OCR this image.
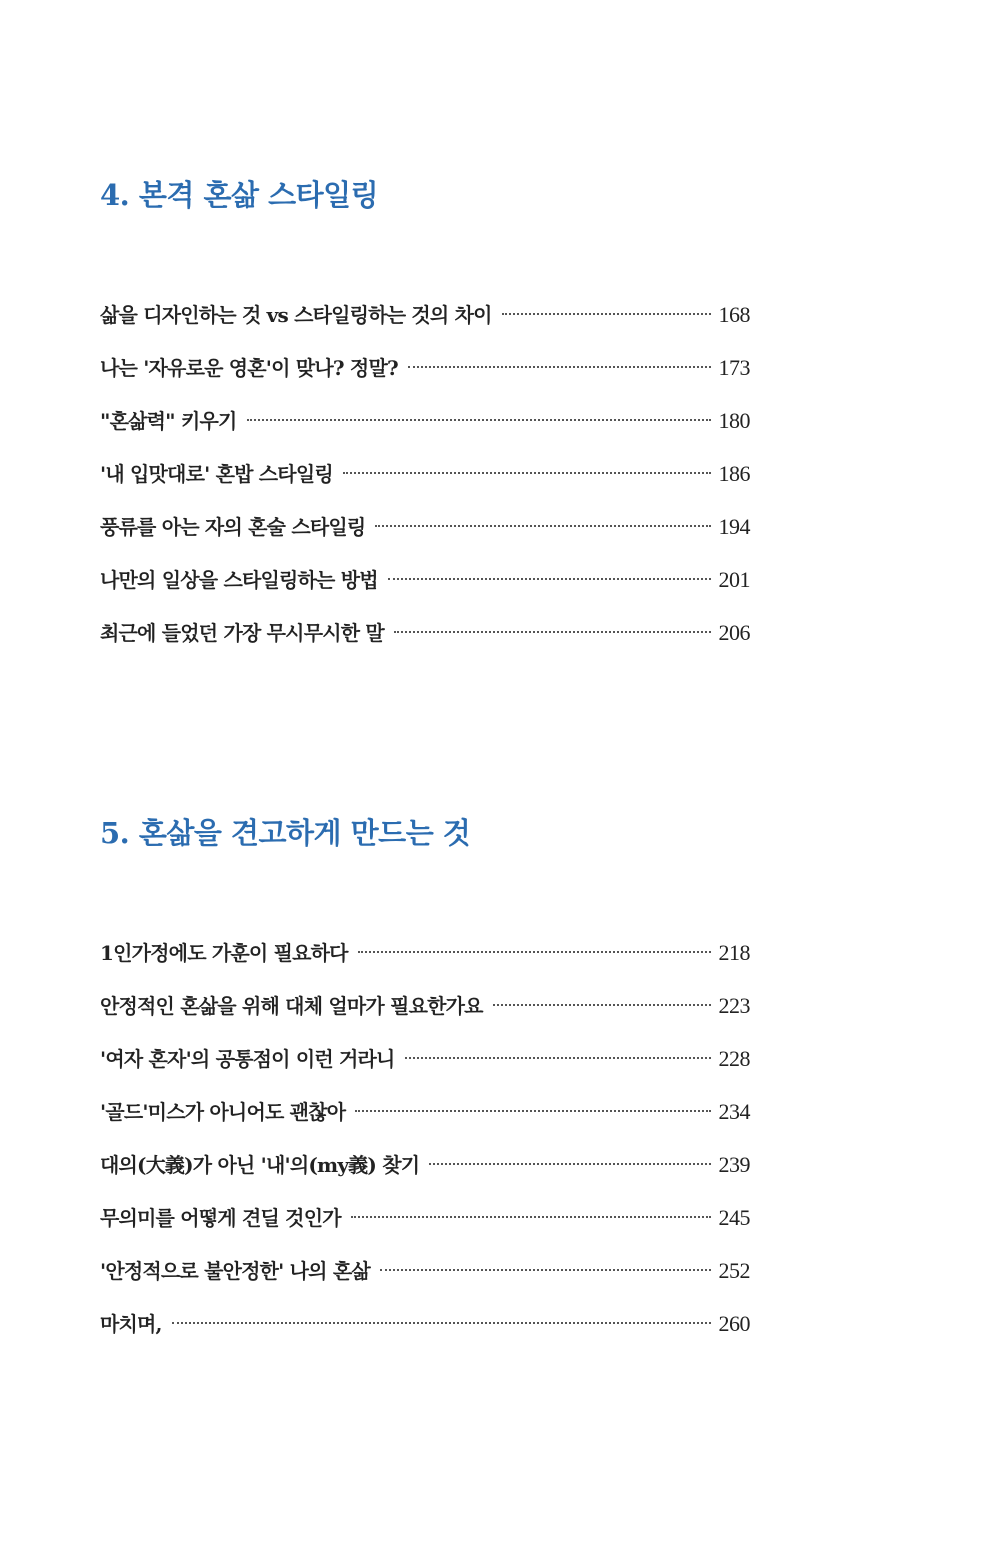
4. 본격 혼삶 스타일링
삶을 디자인하는 것 vs 스타일링하는 것의 차이	168
나는 '자유로운 영혼'이 맞나? 정말?	173
"혼삶력" 키우기	180
'내 입맛대로' 혼밥 스타일링	186
풍류를 아는 자의 혼술 스타일링	194
나만의 일상을 스타일링하는 방법	201
최근에 들었던 가장 무시무시한 말	206
5. 혼삶을 견고하게 만드는 것
1인가정에도 가훈이 필요하다	218
안정적인 혼삶을 위해 대체 얼마가 필요한가요	223
'여자 혼자'의 공통점이 이런 거라니	228
'골드'미스가 아니어도 괜찮아	234
대의(大義)가 아닌 '내'의(my義) 찾기	239
무의미를 어떻게 견딜 것인가	245
'안정적으로 불안정한' 나의 혼삶	252
마치며,	260
